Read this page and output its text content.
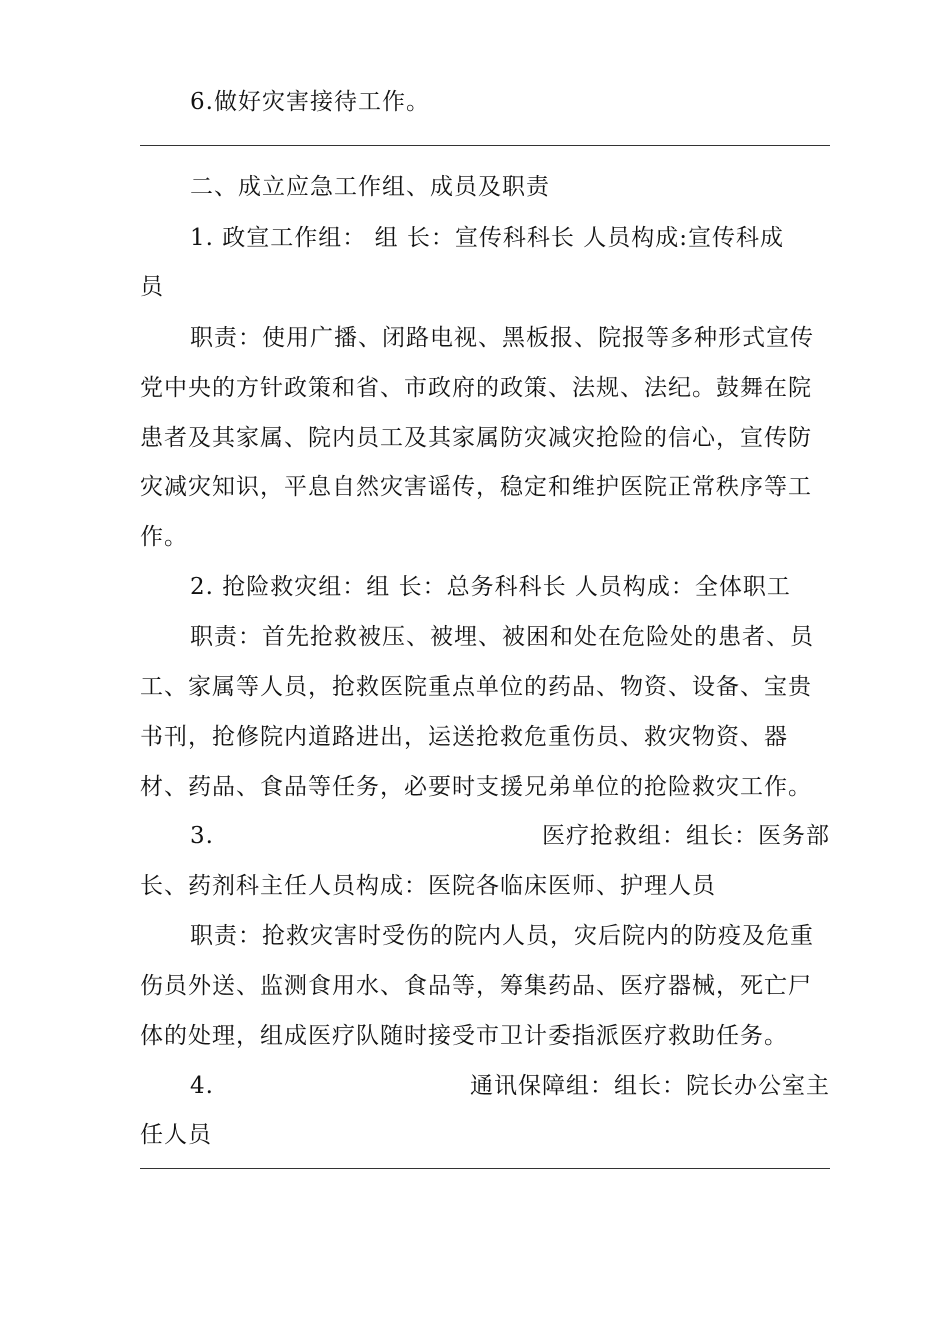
6.做好灾害接待工作。
二、成立应急工作组、成员及职责
1. 政宣工作组： 组 长：宣传科科长 人员构成:宣传科成
员
职责：使用广播、闭路电视、黑板报、院报等多种形式宣传
党中央的方针政策和省、市政府的政策、法规、法纪。鼓舞在院
患者及其家属、院内员工及其家属防灾减灾抢险的信心，宣传防
灾减灾知识，平息自然灾害谣传，稳定和维护医院正常秩序等工
作。
2. 抢险救灾组：组 长：总务科科长 人员构成：全体职工
职责：首先抢救被压、被埋、被困和处在危险处的患者、员
工、家属等人员，抢救医院重点单位的药品、物资、设备、宝贵
书刊，抢修院内道路进出，运送抢救危重伤员、救灾物资、器
材、药品、食品等任务，必要时支援兄弟单位的抢险救灾工作。
3.	医疗抢救组：组长：医务部
长、药剂科主任人员构成：医院各临床医师、护理人员
职责：抢救灾害时受伤的院内人员，灾后院内的防疫及危重
伤员外送、监测食用水、食品等，筹集药品、医疗器械，死亡尸
体的处理，组成医疗队随时接受市卫计委指派医疗救助任务。
4.	通讯保障组：组长：院长办公室主
任人员
